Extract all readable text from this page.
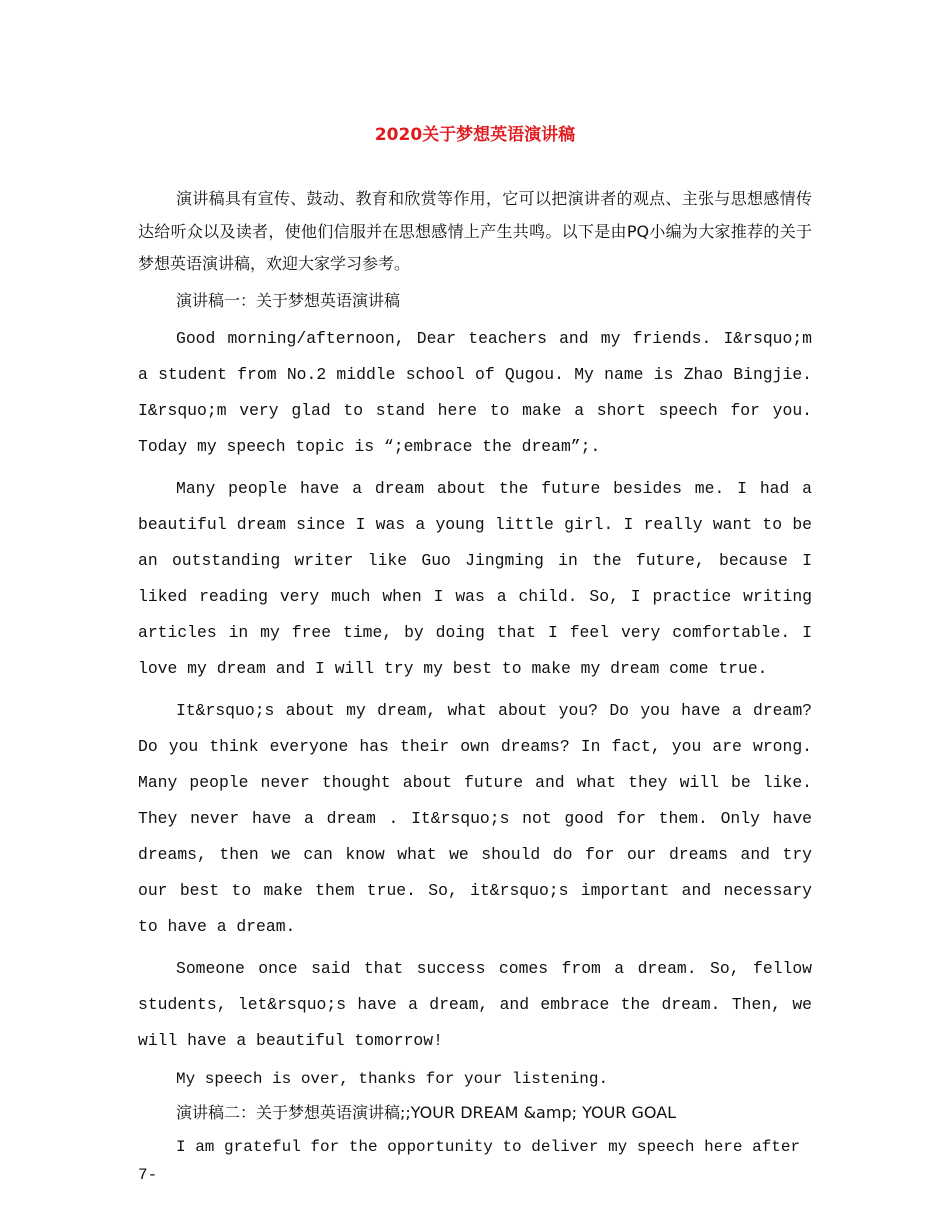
2020关于梦想英语演讲稿

演讲稿具有宣传、鼓动、教育和欣赏等作用，它可以把演讲者的观点、主张与思想感情传达给听众以及读者，使他们信服并在思想感情上产生共鸣。以下是由PQ小编为大家推荐的关于梦想英语演讲稿，欢迎大家学习参考。

演讲稿一：关于梦想英语演讲稿

Good morning/afternoon, Dear teachers and my friends. I&rsquo;m a student from No.2 middle school of Qugou. My name is Zhao Bingjie. I&rsquo;m very glad to stand here to make a short speech for you. Today my speech topic is “;embrace the dream”;.

Many people have a dream about the future besides me. I had a beautiful dream since I was a young little girl. I really want to be an outstanding writer like Guo Jingming in the future, because I liked reading very much when I was a child. So, I practice writing articles in my free time, by doing that I feel very comfortable. I love my dream and I will try my best to make my dream come true.

It&rsquo;s about my dream, what about you? Do you have a dream? Do you think everyone has their own dreams? In fact, you are wrong. Many people never thought about future and what they will be like. They never have a dream . It&rsquo;s not good for them. Only have dreams, then we can know what we should do for our dreams and try our best to make them true. So, it&rsquo;s important and necessary to have a dream.

Someone once said that success comes from a dream. So, fellow students, let&rsquo;s have a dream, and embrace the dream. Then, we will have a beautiful tomorrow!

My speech is over, thanks for your listening.

演讲稿二：关于梦想英语演讲稿;;YOUR DREAM &amp; YOUR GOAL

I am grateful for the opportunity to deliver my speech here after 7-
